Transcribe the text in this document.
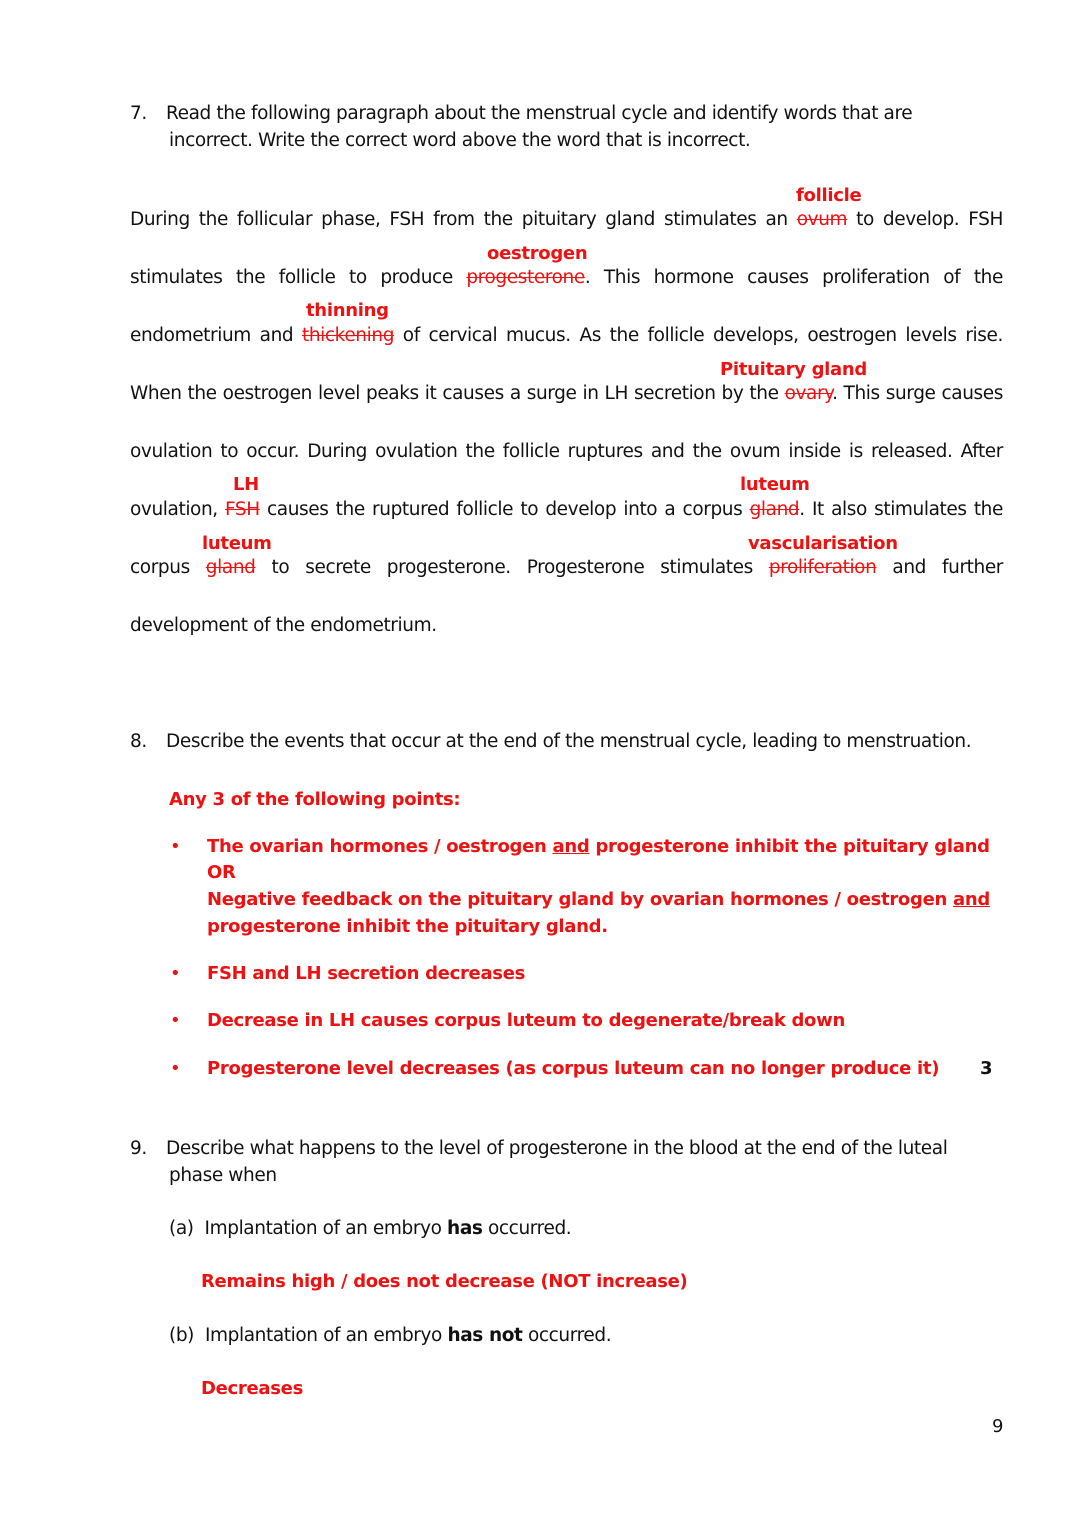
7. Read the following paragraph about the menstrual cycle and identify words that are
incorrect. Write the correct word above the word that is incorrect.
follicle
oestrogen
thinning
Pituitary gland
LH	luteum
luteum	vascularisation
During the follicular phase, FSH from the pituitary gland stimulates an ovum to develop. FSH
stimulates the follicle to produce progesterone. This hormone causes proliferation of the
endometrium and thickening of cervical mucus. As the follicle develops, oestrogen levels rise.
When the oestrogen level peaks it causes a surge in LH secretion by the ovary. This surge causes
ovulation to occur. During ovulation the follicle ruptures and the ovum inside is released. After
ovulation, FSH causes the ruptured follicle to develop into a corpus gland. It also stimulates the
corpus gland to secrete progesterone. Progesterone stimulates proliferation and further
development of the endometrium.
8. Describe the events that occur at the end of the menstrual cycle, leading to menstruation.
Any 3 of the following points:
• The ovarian hormones / oestrogen and progesterone inhibit the pituitary gland
OR
Negative feedback on the pituitary gland by ovarian hormones / oestrogen and
progesterone inhibit the pituitary gland.
• FSH and LH secretion decreases
• Decrease in LH causes corpus luteum to degenerate/break down
• Progesterone level decreases (as corpus luteum can no longer produce it) 3
9. Describe what happens to the level of progesterone in the blood at the end of the luteal
phase when
(a) Implantation of an embryo has occurred.
Remains high / does not decrease (NOT increase)
(b) Implantation of an embryo has not occurred.
Decreases
9
